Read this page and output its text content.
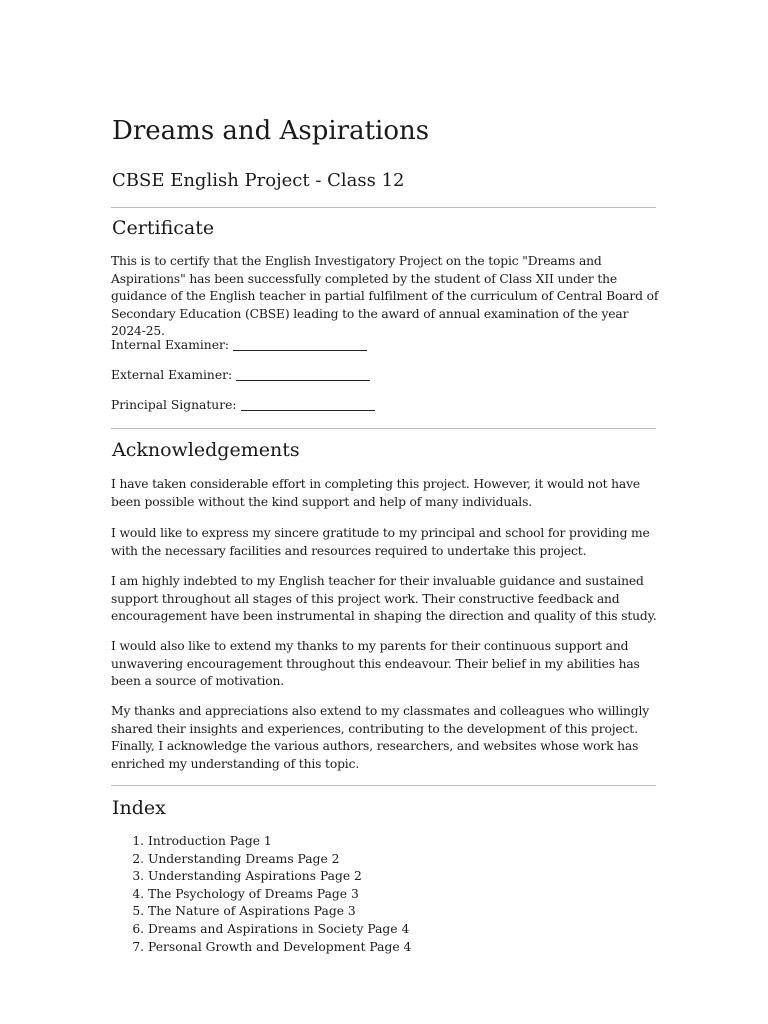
Dreams and Aspirations
CBSE English Project - Class 12
Certificate

This is to certify that the English Investigatory Project on the topic "Dreams and Aspirations" has been successfully completed by the student of Class XII under the guidance of the English teacher in partial fulfilment of the curriculum of Central Board of Secondary Education (CBSE) leading to the award of annual examination of the year 2024-25.

Internal Examiner:
External Examiner:
Principal Signature:
Acknowledgements

I have taken considerable effort in completing this project. However, it would not have been possible without the kind support and help of many individuals.

I would like to express my sincere gratitude to my principal and school for providing me with the necessary facilities and resources required to undertake this project.

I am highly indebted to my English teacher for their invaluable guidance and sustained support throughout all stages of this project work. Their constructive feedback and encouragement have been instrumental in shaping the direction and quality of this study.

I would also like to extend my thanks to my parents for their continuous support and unwavering encouragement throughout this endeavour. Their belief in my abilities has been a source of motivation.

My thanks and appreciations also extend to my classmates and colleagues who willingly shared their insights and experiences, contributing to the development of this project. Finally, I acknowledge the various authors, researchers, and websites whose work has enriched my understanding of this topic.

Index
1. Introduction Page 1
2. Understanding Dreams Page 2
3. Understanding Aspirations Page 2
4. The Psychology of Dreams Page 3
5. The Nature of Aspirations Page 3
6. Dreams and Aspirations in Society Page 4
7. Personal Growth and Development Page 4
